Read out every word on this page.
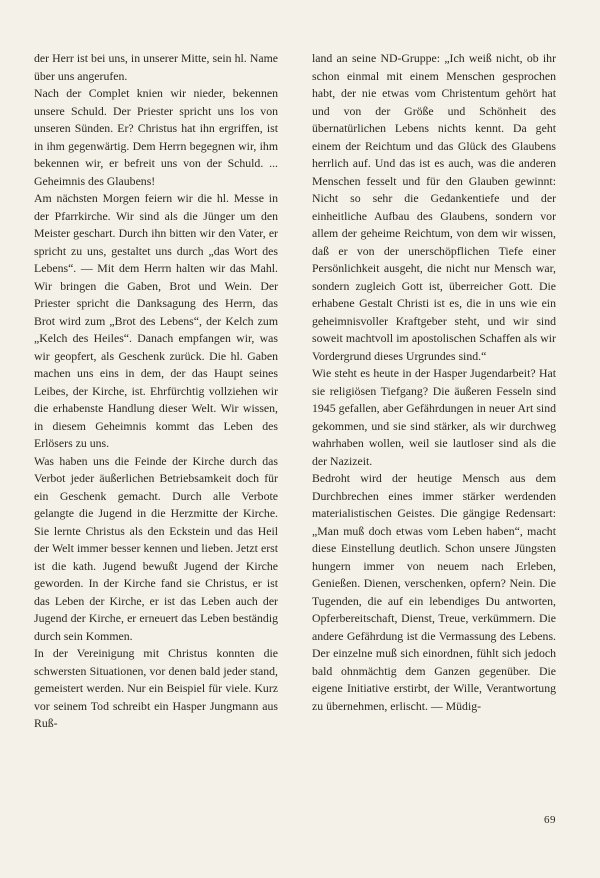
der Herr ist bei uns, in unserer Mitte, sein hl. Name über uns angerufen.

Nach der Complet knien wir nieder, bekennen unsere Schuld. Der Priester spricht uns los von unseren Sünden. Er? Christus hat ihn ergriffen, ist in ihm gegenwärtig. Dem Herrn begegnen wir, ihm bekennen wir, er befreit uns von der Schuld. ... Geheimnis des Glaubens!

Am nächsten Morgen feiern wir die hl. Messe in der Pfarrkirche. Wir sind als die Jünger um den Meister geschart. Durch ihn bitten wir den Vater, er spricht zu uns, gestaltet uns durch „das Wort des Lebens“. — Mit dem Herrn halten wir das Mahl. Wir bringen die Gaben, Brot und Wein. Der Priester spricht die Danksagung des Herrn, das Brot wird zum „Brot des Lebens“, der Kelch zum „Kelch des Heiles“. Danach empfangen wir, was wir geopfert, als Geschenk zurück. Die hl. Gaben machen uns eins in dem, der das Haupt seines Leibes, der Kirche, ist. Ehrfürchtig vollziehen wir die erhabenste Handlung dieser Welt. Wir wissen, in diesem Geheimnis kommt das Leben des Erlösers zu uns.

Was haben uns die Feinde der Kirche durch das Verbot jeder äußerlichen Betriebsamkeit doch für ein Geschenk gemacht. Durch alle Verbote gelangte die Jugend in die Herzmitte der Kirche. Sie lernte Christus als den Eckstein und das Heil der Welt immer besser kennen und lieben. Jetzt erst ist die kath. Jugend bewußt Jugend der Kirche geworden. In der Kirche fand sie Christus, er ist das Leben der Kirche, er ist das Leben auch der Jugend der Kirche, er erneuert das Leben beständig durch sein Kommen.

In der Vereinigung mit Christus konnten die schwersten Situationen, vor denen bald jeder stand, gemeistert werden. Nur ein Beispiel für viele. Kurz vor seinem Tod schreibt ein Hasper Jungmann aus Ruß-

land an seine ND-Gruppe: „Ich weiß nicht, ob ihr schon einmal mit einem Menschen gesprochen habt, der nie etwas vom Christentum gehört hat und von der Größe und Schönheit des übernatürlichen Lebens nichts kennt. Da geht einem der Reichtum und das Glück des Glaubens herrlich auf. Und das ist es auch, was die anderen Menschen fesselt und für den Glauben gewinnt: Nicht so sehr die Gedankentiefe und der einheitliche Aufbau des Glaubens, sondern vor allem der geheime Reichtum, von dem wir wissen, daß er von der unerschöpflichen Tiefe einer Persönlichkeit ausgeht, die nicht nur Mensch war, sondern zugleich Gott ist, überreicher Gott. Die erhabene Gestalt Christi ist es, die in uns wie ein geheimnisvoller Kraftgeber steht, und wir sind soweit machtvoll im apostolischen Schaffen als wir Vordergrund dieses Urgrundes sind.“

Wie steht es heute in der Hasper Jugendarbeit? Hat sie religiösen Tiefgang? Die äußeren Fesseln sind 1945 gefallen, aber Gefährdungen in neuer Art sind gekommen, und sie sind stärker, als wir durchweg wahrhaben wollen, weil sie lautloser sind als die der Nazizeit.

Bedroht wird der heutige Mensch aus dem Durchbrechen eines immer stärker werdenden materialistischen Geistes. Die gängige Redensart: „Man muß doch etwas vom Leben haben“, macht diese Einstellung deutlich. Schon unsere Jüngsten hungern immer von neuem nach Erleben, Genießen. Dienen, verschenken, opfern? Nein. Die Tugenden, die auf ein lebendiges Du antworten, Opferbereitschaft, Dienst, Treue, verkümmern. Die andere Gefährdung ist die Vermassung des Lebens. Der einzelne muß sich einordnen, fühlt sich jedoch bald ohnmächtig dem Ganzen gegenüber. Die eigene Initiative erstirbt, der Wille, Verantwortung zu übernehmen, erlischt. — Müdig-

69
